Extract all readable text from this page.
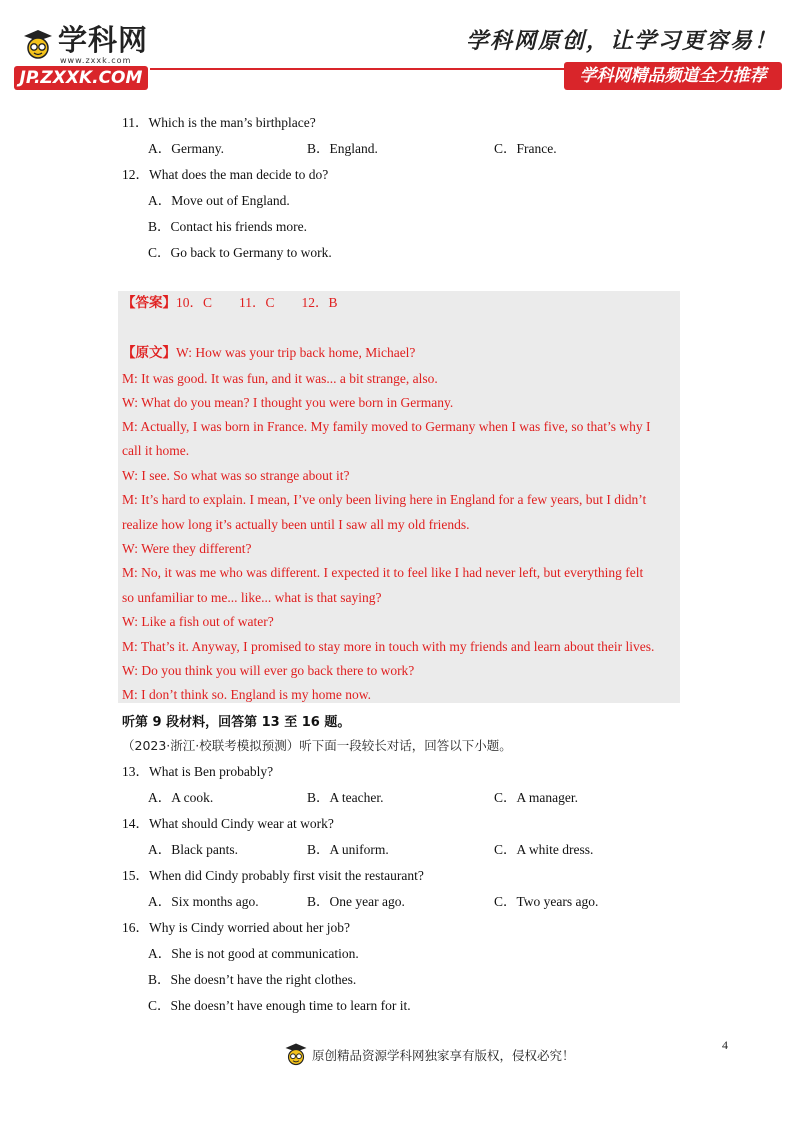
学科网
www.zxxk.com
JP.ZXXK.COM
学科网原创，让学习更容易！
学科网精品频道全力推荐
11．Which is the man’s birthplace?
A．Germany.	B．England.	C．France.
12．What does the man decide to do?
A．Move out of England.
B．Contact his friends more.
C．Go back to Germany to work.
【答案】10．C　　11．C　　12．B
【原文】W: How was your trip back home, Michael?
M: It was good. It was fun, and it was... a bit strange, also.
W: What do you mean? I thought you were born in Germany.
M: Actually, I was born in France. My family moved to Germany when I was five, so that’s why I
call it home.
W: I see. So what was so strange about it?
M: It’s hard to explain. I mean, I’ve only been living here in England for a few years, but I didn’t
realize how long it’s actually been until I saw all my old friends.
W: Were they different?
M: No, it was me who was different. I expected it to feel like I had never left, but everything felt
so unfamiliar to me... like... what is that saying?
W: Like a fish out of water?
M: That’s it. Anyway, I promised to stay more in touch with my friends and learn about their lives.
W: Do you think you will ever go back there to work?
M: I don’t think so. England is my home now.
听第 9 段材料，回答第 13 至 16 题。
（2023·浙江·校联考模拟预测）听下面一段较长对话，回答以下小题。
13．What is Ben probably?
A．A cook.	B．A teacher.	C．A manager.
14．What should Cindy wear at work?
A．Black pants.	B．A uniform.	C．A white dress.
15．When did Cindy probably first visit the restaurant?
A．Six months ago.	B．One year ago.	C．Two years ago.
16．Why is Cindy worried about her job?
A．She is not good at communication.
B．She doesn’t have the right clothes.
C．She doesn’t have enough time to learn for it.
4
原创精品资源学科网独家享有版权，侵权必究！
